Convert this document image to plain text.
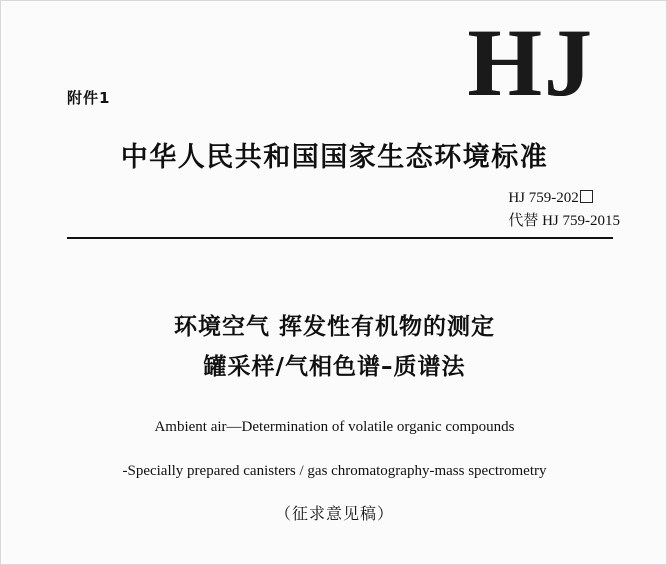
HJ
附件1
中华人民共和国国家生态环境标准
HJ 759-202
代替 HJ 759-2015
环境空气 挥发性有机物的测定
罐采样/气相色谱–质谱法
Ambient air—Determination of volatile organic compounds
-Specially prepared canisters / gas chromatography-mass spectrometry
（征求意见稿）
